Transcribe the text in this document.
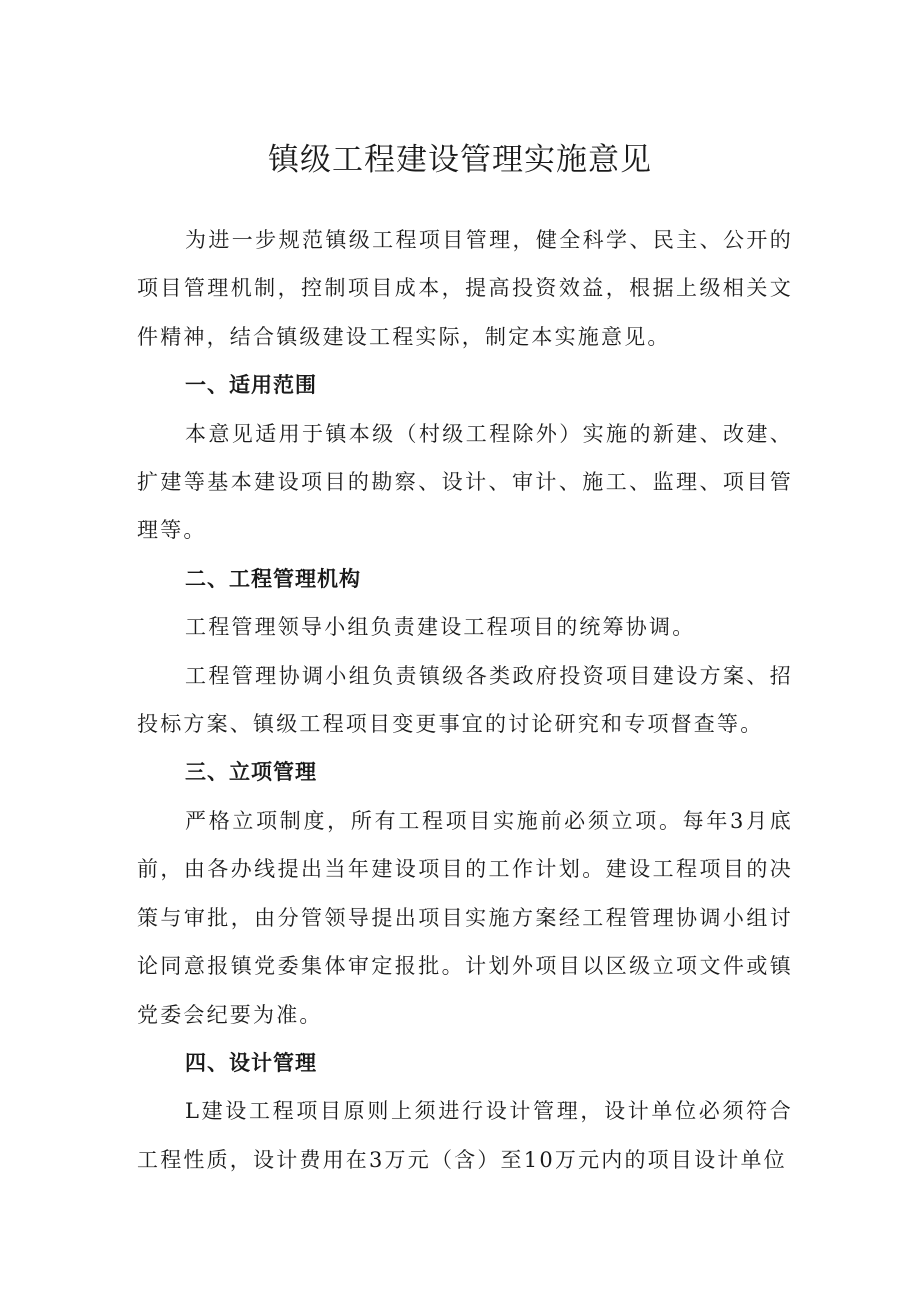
镇级工程建设管理实施意见

为进一步规范镇级工程项目管理，健全科学、民主、公开的项目管理机制，控制项目成本，提高投资效益，根据上级相关文件精神，结合镇级建设工程实际，制定本实施意见。

一、适用范围

本意见适用于镇本级（村级工程除外）实施的新建、改建、扩建等基本建设项目的勘察、设计、审计、施工、监理、项目管理等。

二、工程管理机构

工程管理领导小组负责建设工程项目的统筹协调。

工程管理协调小组负责镇级各类政府投资项目建设方案、招投标方案、镇级工程项目变更事宜的讨论研究和专项督查等。

三、立项管理

严格立项制度，所有工程项目实施前必须立项。每年3月底前，由各办线提出当年建设项目的工作计划。建设工程项目的决策与审批，由分管领导提出项目实施方案经工程管理协调小组讨论同意报镇党委集体审定报批。计划外项目以区级立项文件或镇党委会纪要为准。

四、设计管理

L建设工程项目原则上须进行设计管理，设计单位必须符合工程性质，设计费用在3万元（含）至10万元内的项目设计单位
